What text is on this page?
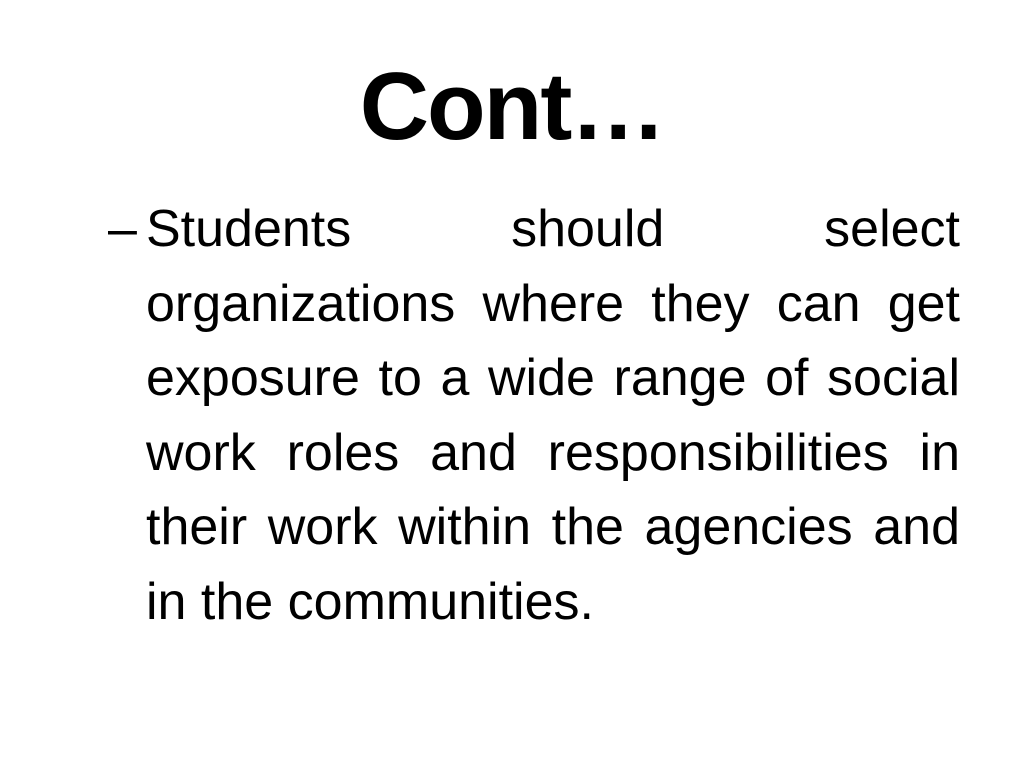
Cont…
– Students should select organizations where they can get exposure to a wide range of social work roles and responsibilities in their work within the agencies and in the communities.
